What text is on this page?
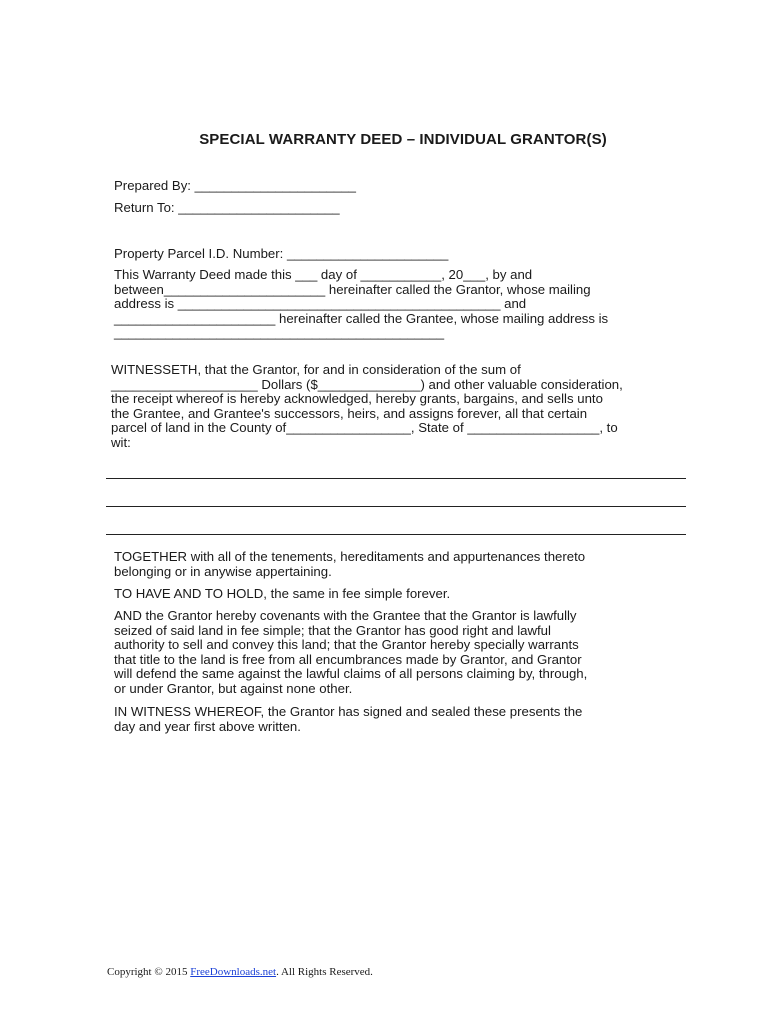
SPECIAL WARRANTY DEED – INDIVIDUAL GRANTOR(S)
Prepared By: ______________________
Return To: ______________________
Property Parcel I.D. Number: ______________________
This Warranty Deed made this ___ day of ___________, 20___, by and
between______________________ hereinafter called the Grantor, whose mailing
address is ____________________________________________ and
______________________ hereinafter called the Grantee, whose mailing address is
_____________________________________________
WITNESSETH, that the Grantor, for and in consideration of the sum of
____________________ Dollars ($______________) and other valuable consideration,
the receipt whereof is hereby acknowledged, hereby grants, bargains, and sells unto
the Grantee, and Grantee's successors, heirs, and assigns forever, all that certain
parcel of land in the County of_________________, State of __________________, to
wit:
TOGETHER with all of the tenements, hereditaments and appurtenances thereto
belonging or in anywise appertaining.
TO HAVE AND TO HOLD, the same in fee simple forever.
AND the Grantor hereby covenants with the Grantee that the Grantor is lawfully
seized of said land in fee simple; that the Grantor has good right and lawful
authority to sell and convey this land; that the Grantor hereby specially warrants
that title to the land is free from all encumbrances made by Grantor, and Grantor
will defend the same against the lawful claims of all persons claiming by, through,
or under Grantor, but against none other.
IN WITNESS WHEREOF, the Grantor has signed and sealed these presents the
day and year first above written.
Copyright © 2015 FreeDownloads.net. All Rights Reserved.
